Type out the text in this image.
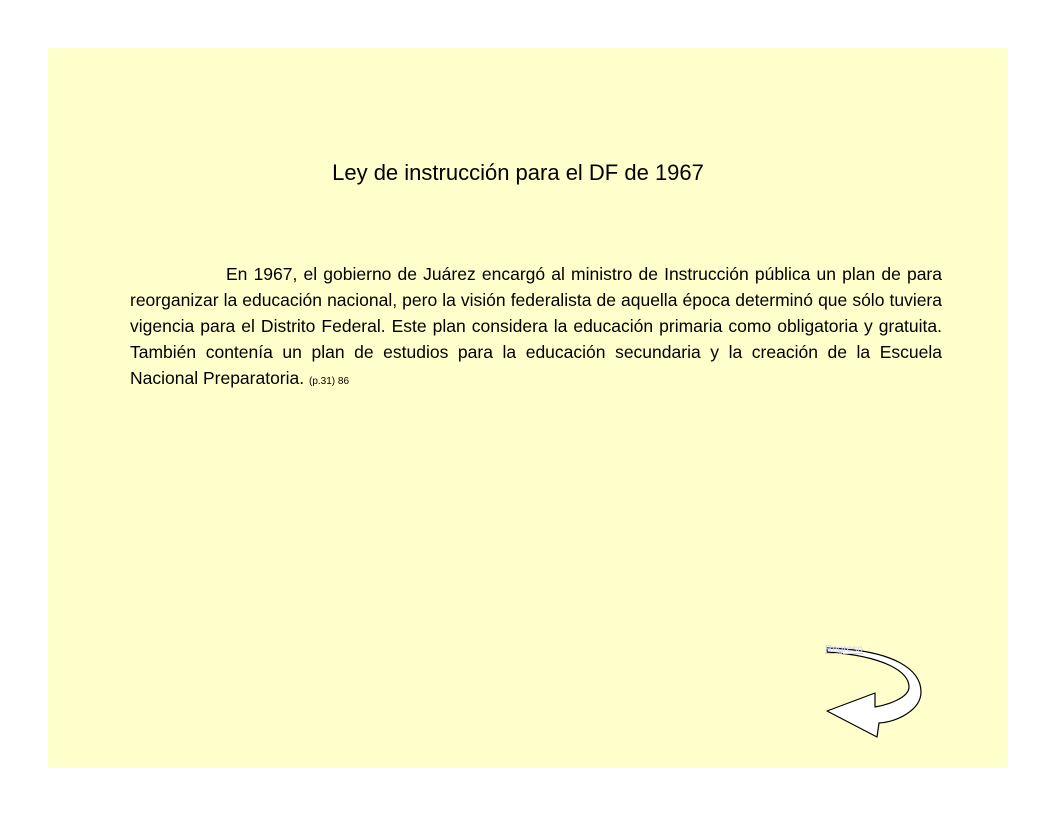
Ley de instrucción para el DF de 1967

En 1967, el gobierno de Juárez encargó al ministro de Instrucción pública un plan de para reorganizar la educación nacional, pero la visión federalista de aquella época determinó que sólo tuviera vigencia para el Distrito Federal. Este plan considera la educación primaria como obligatoria y gratuita. También contenía un plan de estudios para la educación secundaria y la creación de la Escuela Nacional Preparatoria. (p.31) 86

Regreso
